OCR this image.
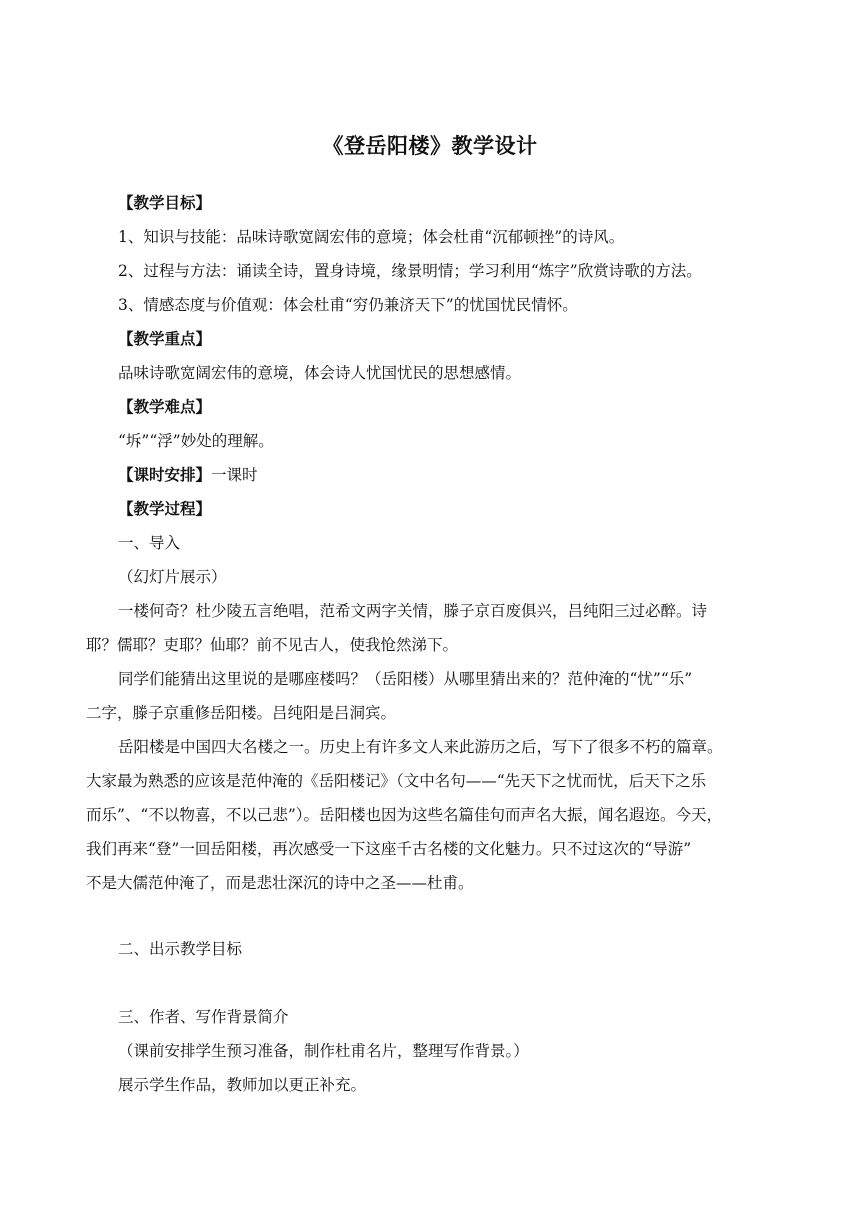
《登岳阳楼》教学设计
【教学目标】
1、知识与技能：品味诗歌宽阔宏伟的意境；体会杜甫“沉郁顿挫”的诗风。
2、过程与方法：诵读全诗，置身诗境，缘景明情；学习利用“炼字”欣赏诗歌的方法。
3、情感态度与价值观：体会杜甫“穷仍兼济天下”的忧国忧民情怀。
【教学重点】
品味诗歌宽阔宏伟的意境，体会诗人忧国忧民的思想感情。
【教学难点】
“坼”“浮”妙处的理解。
【课时安排】一课时
【教学过程】
一、导入
（幻灯片展示）
一楼何奇？杜少陵五言绝唱，范希文两字关情，滕子京百废俱兴，吕纯阳三过必醉。诗
耶？儒耶？吏耶？仙耶？前不见古人，使我怆然涕下。
同学们能猜出这里说的是哪座楼吗？（岳阳楼）从哪里猜出来的？范仲淹的“忧”“乐”
二字，滕子京重修岳阳楼。吕纯阳是吕洞宾。
岳阳楼是中国四大名楼之一。历史上有许多文人来此游历之后，写下了很多不朽的篇章。
大家最为熟悉的应该是范仲淹的《岳阳楼记》（文中名句——“先天下之忧而忧，后天下之乐
而乐”、“不以物喜，不以己悲”）。岳阳楼也因为这些名篇佳句而声名大振，闻名遐迩。今天，
我们再来“登”一回岳阳楼，再次感受一下这座千古名楼的文化魅力。只不过这次的“导游”
不是大儒范仲淹了，而是悲壮深沉的诗中之圣——杜甫。
二、出示教学目标
三、作者、写作背景简介
（课前安排学生预习准备，制作杜甫名片，整理写作背景。）
展示学生作品，教师加以更正补充。
